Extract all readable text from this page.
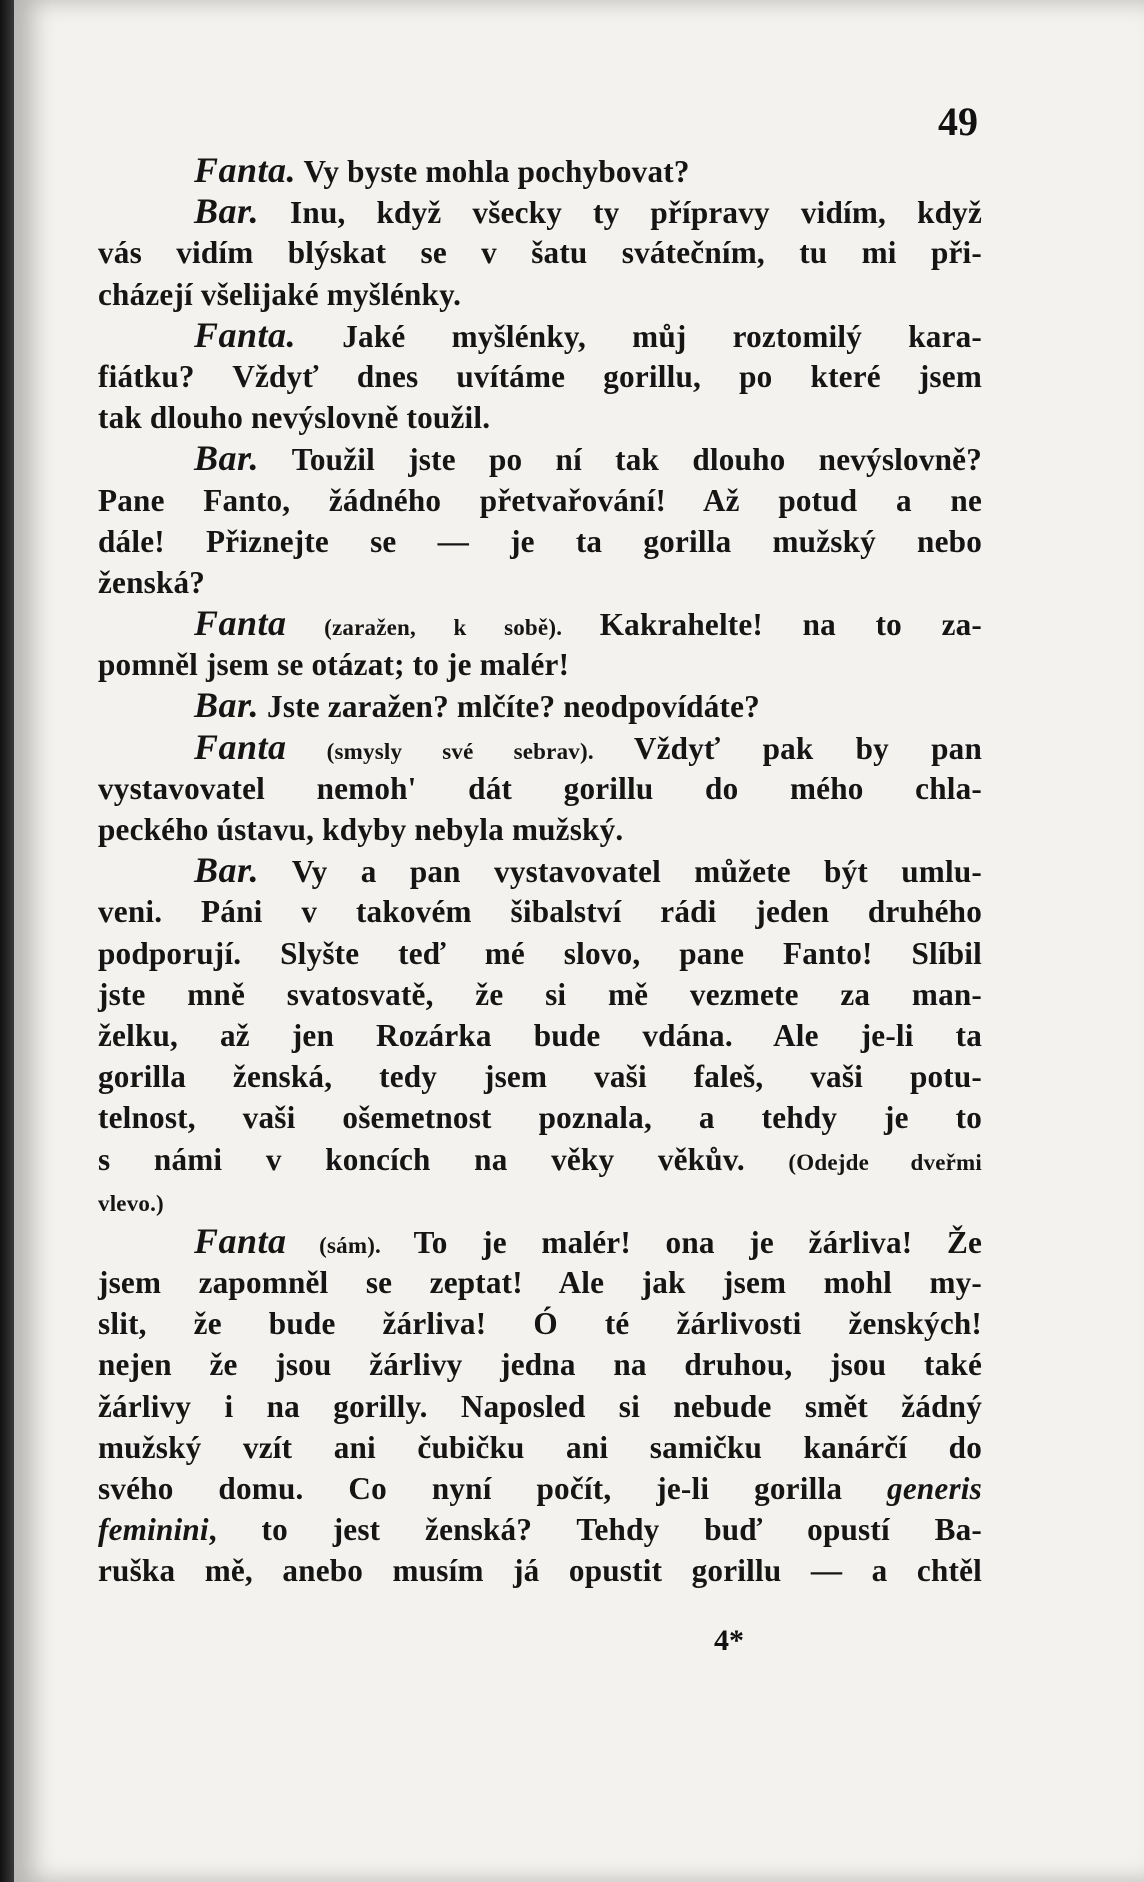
49
Fanta. Vy byste mohla pochybovat?
Bar. Inu, když všecky ty přípravy vidím, když
vás vidím blýskat se v šatu svátečním, tu mi při-
cházejí všelijaké myšlénky.
Fanta. Jaké myšlénky, můj roztomilý kara-
fiátku? Vždyť dnes uvítáme gorillu, po které jsem
tak dlouho nevýslovně toužil.
Bar. Toužil jste po ní tak dlouho nevýslovně?
Pane Fanto, žádného přetvařování! Až potud a ne
dále! Přiznejte se — je ta gorilla mužský nebo
ženská?
Fanta (zaražen, k sobě). Kakrahelte! na to za-
pomněl jsem se otázat; to je malér!
Bar. Jste zaražen? mlčíte? neodpovídáte?
Fanta (smysly své sebrav). Vždyť pak by pan
vystavovatel nemoh' dát gorillu do mého chla-
peckého ústavu, kdyby nebyla mužský.
Bar. Vy a pan vystavovatel můžete být umlu-
veni. Páni v takovém šibalství rádi jeden druhého
podporují. Slyšte teď mé slovo, pane Fanto! Slíbil
jste mně svatosvatě, že si mě vezmete za man-
želku, až jen Rozárka bude vdána. Ale je-li ta
gorilla ženská, tedy jsem vaši faleš, vaši potu-
telnost, vaši ošemetnost poznala, a tehdy je to
s námi v koncích na věky věkův. (Odejde dveřmi
vlevo.)
Fanta (sám). To je malér! ona je žárliva! Že
jsem zapomněl se zeptat! Ale jak jsem mohl my-
slit, že bude žárliva! Ó té žárlivosti ženských!
nejen že jsou žárlivy jedna na druhou, jsou také
žárlivy i na gorilly. Naposled si nebude smět žádný
mužský vzít ani čubičku ani samičku kanárčí do
svého domu. Co nyní počít, je-li gorilla generis
feminini, to jest ženská? Tehdy buď opustí Ba-
ruška mě, anebo musím já opustit gorillu — a chtěl
4*
